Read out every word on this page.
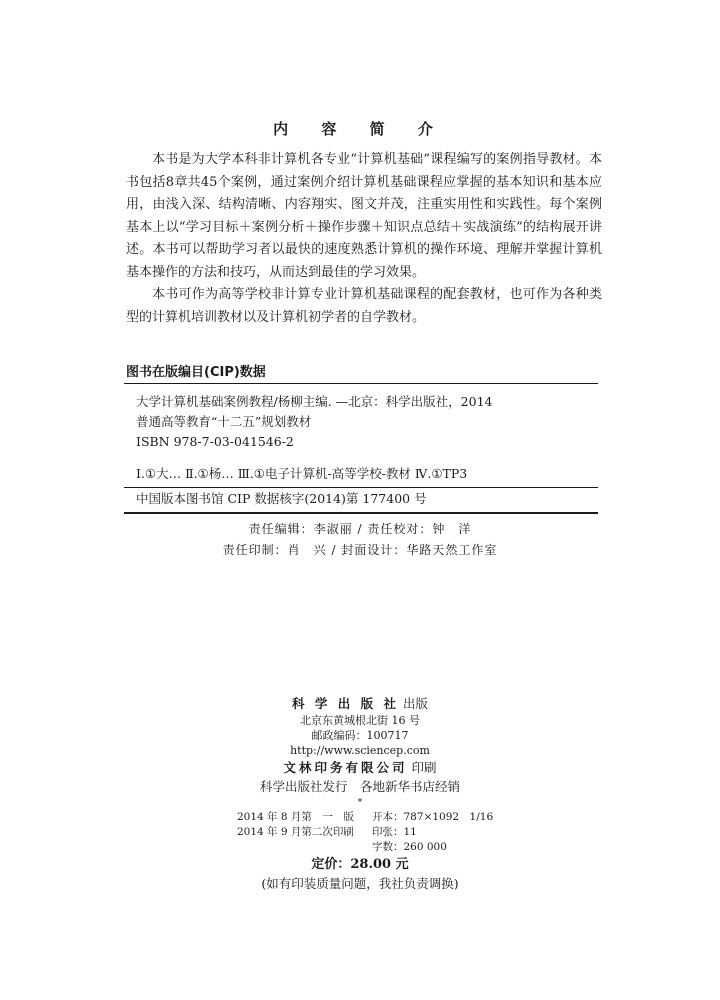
内 容 简 介

本书是为大学本科非计算机各专业“计算机基础”课程编写的案例指导教材。本书包括8章共45个案例，通过案例介绍计算机基础课程应掌握的基本知识和基本应用，由浅入深、结构清晰、内容翔实、图文并茂，注重实用性和实践性。每个案例基本上以“学习目标＋案例分析＋操作步骤＋知识点总结＋实战演练”的结构展开讲述。本书可以帮助学习者以最快的速度熟悉计算机的操作环境、理解并掌握计算机基本操作的方法和技巧，从而达到最佳的学习效果。

本书可作为高等学校非计算专业计算机基础课程的配套教材，也可作为各种类型的计算机培训教材以及计算机初学者的自学教材。

图书在版编目(CIP)数据
大学计算机基础案例教程/杨柳主编. —北京：科学出版社，2014
普通高等教育“十二五”规划教材
ISBN 978-7-03-041546-2
Ⅰ.①大… Ⅱ.①杨… Ⅲ.①电子计算机-高等学校-教材 Ⅳ.①TP3
中国版本图书馆 CIP 数据核字(2014)第 177400 号
责任编辑：李淑丽 / 责任校对：钟　洋
责任印制：肖　兴 / 封面设计：华路天然工作室
科 学 出 版 社 出版
北京东黄城根北街 16 号
邮政编码：100717
http://www.sciencep.com
文林印务有限公司 印刷
科学出版社发行　各地新华书店经销
*
2014 年 8 月第　一　版 开本：787×1092　1/16
2014 年 9 月第二次印刷 印张：11
字数：260 000
定价：28.00 元
(如有印装质量问题，我社负责调换)
